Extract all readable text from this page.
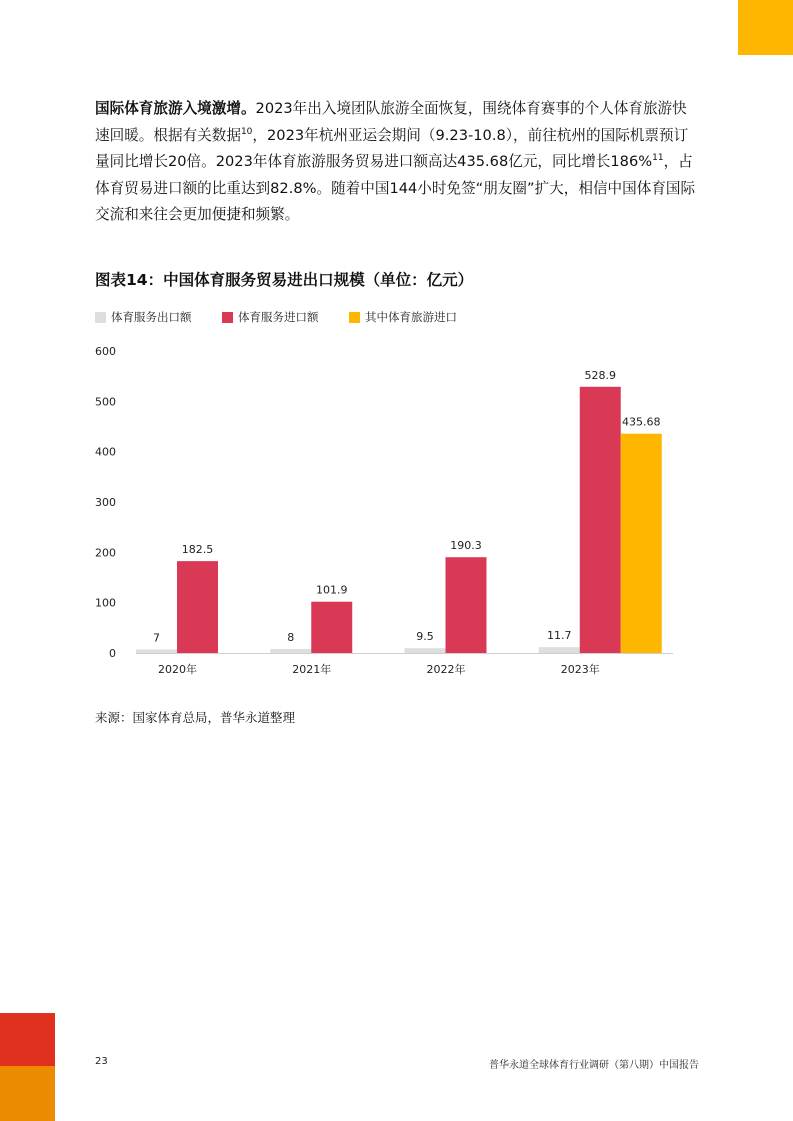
国际体育旅游入境激增。2023年出入境团队旅游全面恢复，围绕体育赛事的个人体育旅游快速回暖。根据有关数据$^{10}$，2023年杭州亚运会期间（9.23-10.8），前往杭州的国际机票预订量同比增长20倍。2023年体育旅游服务贸易进口额高达435.68亿元，同比增长186%$^{11}$，占体育贸易进口额的比重达到82.8%。随着中国144小时免签“朋友圈”扩大，相信中国体育国际交流和来往会更加便捷和频繁。
图表14：中国体育服务贸易进出口规模（单位：亿元）
体育服务出口额	体育服务进口额	其中体育旅游进口
0
100
200
300
400
500
600
7
182.5
2020年
8
101.9
2021年
9.5
190.3
2022年
11.7
528.9
435.68
2023年
来源：国家体育总局，普华永道整理
23	普华永道全球体育行业调研（第八期）中国报告
